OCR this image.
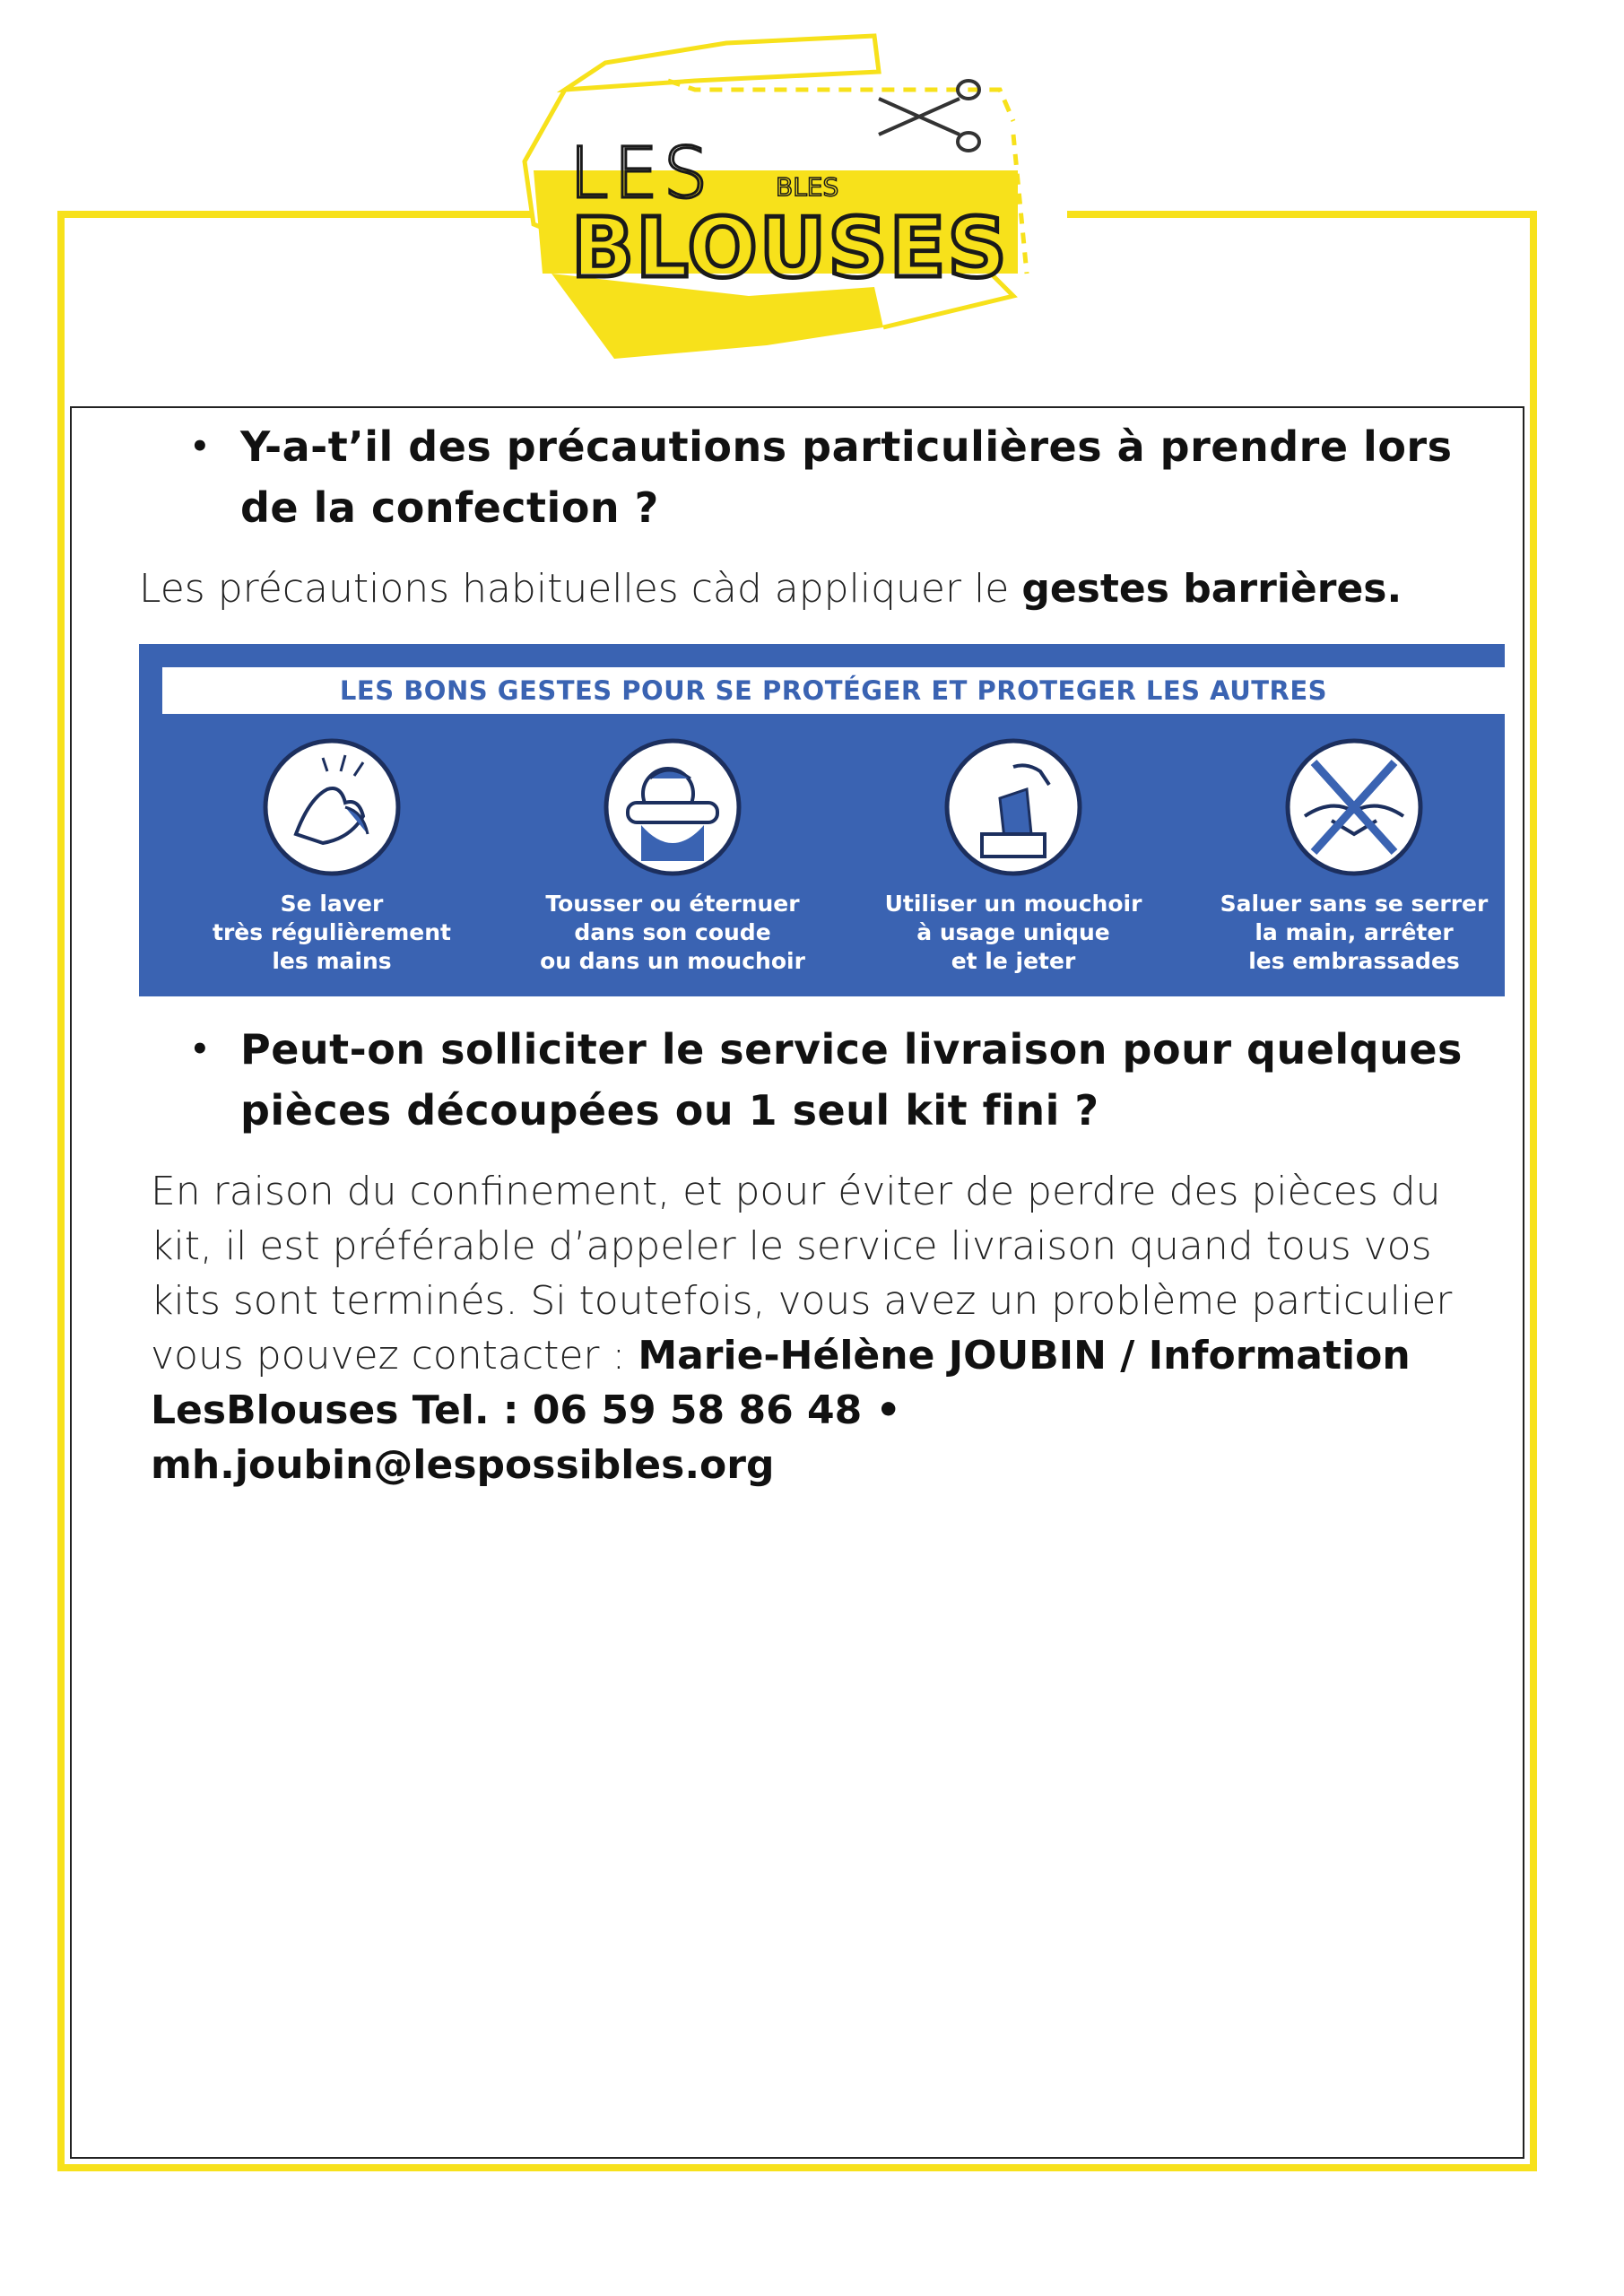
LES BLES
BLOUSES
• Y-a-t’il des précautions particulières à prendre lors de la confection ?
Les précautions habituelles càd appliquer le gestes barrières.
LES BONS GESTES POUR SE PROTÉGER ET PROTEGER LES AUTRES
Se laver
très régulièrement
les mains
Tousser ou éternuer
dans son coude
ou dans un mouchoir
Utiliser un mouchoir
à usage unique
et le jeter
Saluer sans se serrer
la main, arrêter
les embrassades
• Peut-on solliciter le service livraison pour quelques pièces découpées ou 1 seul kit fini ?
En raison du confinement, et pour éviter de perdre des pièces du kit, il est préférable d’appeler le service livraison quand tous vos kits sont terminés. Si toutefois, vous avez un problème particulier vous pouvez contacter : Marie-Hélène JOUBIN / Information LesBlouses Tel. : 06 59 58 86 48 • mh.joubin@lespossibles.org
